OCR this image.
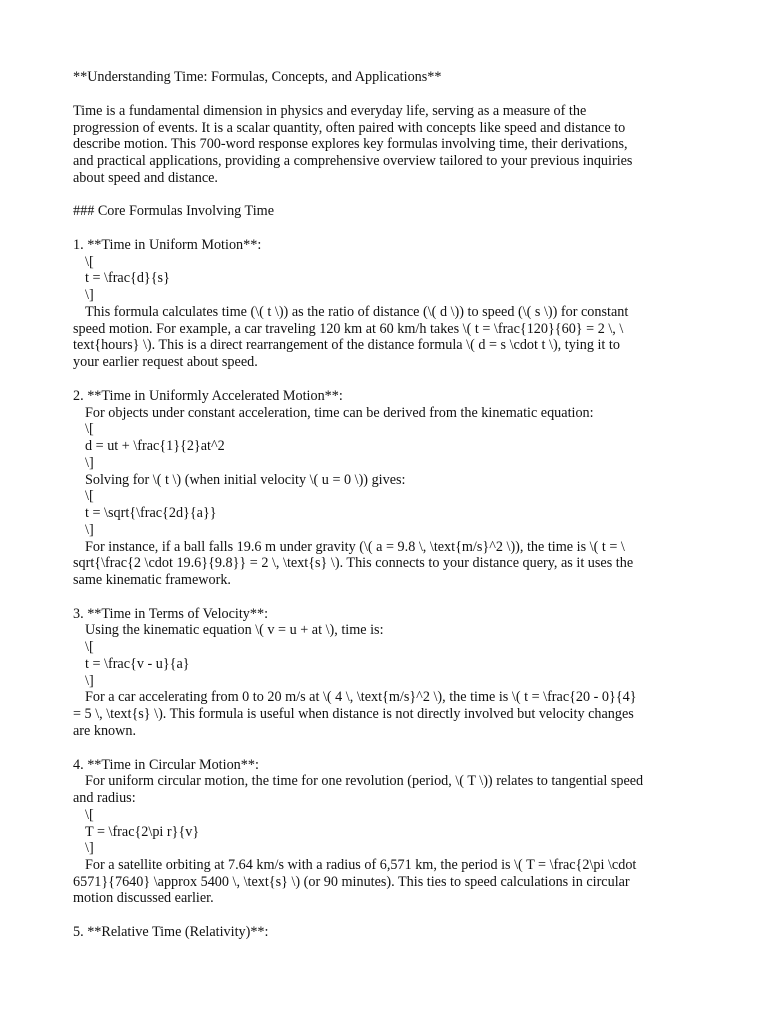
**Understanding Time: Formulas, Concepts, and Applications**
Time is a fundamental dimension in physics and everyday life, serving as a measure of the
progression of events. It is a scalar quantity, often paired with concepts like speed and distance to
describe motion. This 700-word response explores key formulas involving time, their derivations,
and practical applications, providing a comprehensive overview tailored to your previous inquiries
about speed and distance.
### Core Formulas Involving Time
1. **Time in Uniform Motion**:
\[
t = \frac{d}{s}
\]
This formula calculates time (\( t \)) as the ratio of distance (\( d \)) to speed (\( s \)) for constant
speed motion. For example, a car traveling 120 km at 60 km/h takes \( t = \frac{120}{60} = 2 \, \
text{hours} \). This is a direct rearrangement of the distance formula \( d = s \cdot t \), tying it to
your earlier request about speed.
2. **Time in Uniformly Accelerated Motion**:
For objects under constant acceleration, time can be derived from the kinematic equation:
\[
d = ut + \frac{1}{2}at^2
\]
Solving for \( t \) (when initial velocity \( u = 0 \)) gives:
\[
t = \sqrt{\frac{2d}{a}}
\]
For instance, if a ball falls 19.6 m under gravity (\( a = 9.8 \, \text{m/s}^2 \)), the time is \( t = \
sqrt{\frac{2 \cdot 19.6}{9.8}} = 2 \, \text{s} \). This connects to your distance query, as it uses the
same kinematic framework.
3. **Time in Terms of Velocity**:
Using the kinematic equation \( v = u + at \), time is:
\[
t = \frac{v - u}{a}
\]
For a car accelerating from 0 to 20 m/s at \( 4 \, \text{m/s}^2 \), the time is \( t = \frac{20 - 0}{4}
= 5 \, \text{s} \). This formula is useful when distance is not directly involved but velocity changes
are known.
4. **Time in Circular Motion**:
For uniform circular motion, the time for one revolution (period, \( T \)) relates to tangential speed
and radius:
\[
T = \frac{2\pi r}{v}
\]
For a satellite orbiting at 7.64 km/s with a radius of 6,571 km, the period is \( T = \frac{2\pi \cdot
6571}{7640} \approx 5400 \, \text{s} \) (or 90 minutes). This ties to speed calculations in circular
motion discussed earlier.
5. **Relative Time (Relativity)**:
